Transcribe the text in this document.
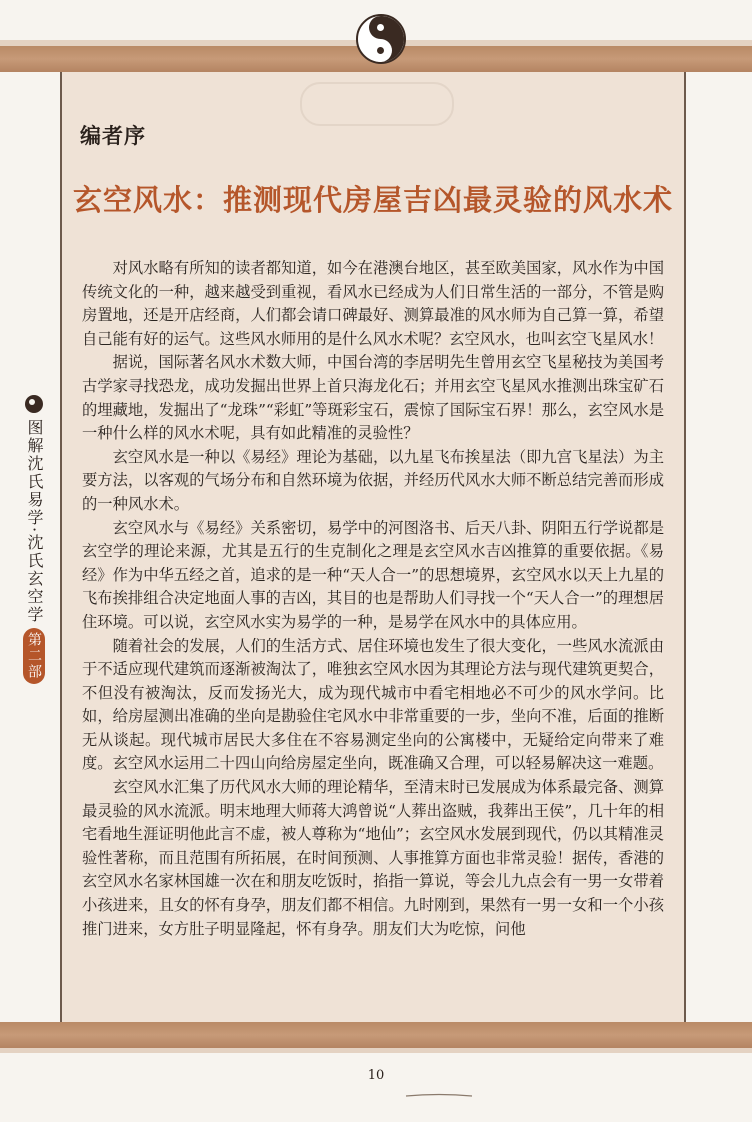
编者序
玄空风水：推测现代房屋吉凶最灵验的风水术

对风水略有所知的读者都知道，如今在港澳台地区，甚至欧美国家，风水作为中国传统文化的一种，越来越受到重视，看风水已经成为人们日常生活的一部分，不管是购房置地，还是开店经商，人们都会请口碑最好、测算最准的风水师为自己算一算，希望自己能有好的运气。这些风水师用的是什么风水术呢？玄空风水，也叫玄空飞星风水！

据说，国际著名风水术数大师，中国台湾的李居明先生曾用玄空飞星秘技为美国考古学家寻找恐龙，成功发掘出世界上首只海龙化石；并用玄空飞星风水推测出珠宝矿石的埋藏地，发掘出了“龙珠”“彩虹”等斑彩宝石，震惊了国际宝石界！那么，玄空风水是一种什么样的风水术呢，具有如此精准的灵验性？

玄空风水是一种以《易经》理论为基础，以九星飞布挨星法（即九宫飞星法）为主要方法，以客观的气场分布和自然环境为依据，并经历代风水大师不断总结完善而形成的一种风水术。

玄空风水与《易经》关系密切，易学中的河图洛书、后天八卦、阴阳五行学说都是玄空学的理论来源，尤其是五行的生克制化之理是玄空风水吉凶推算的重要依据。《易经》作为中华五经之首，追求的是一种“天人合一”的思想境界，玄空风水以天上九星的飞布挨排组合决定地面人事的吉凶，其目的也是帮助人们寻找一个“天人合一”的理想居住环境。可以说，玄空风水实为易学的一种，是易学在风水中的具体应用。

随着社会的发展，人们的生活方式、居住环境也发生了很大变化，一些风水流派由于不适应现代建筑而逐渐被淘汰了，唯独玄空风水因为其理论方法与现代建筑更契合，不但没有被淘汰，反而发扬光大，成为现代城市中看宅相地必不可少的风水学问。比如，给房屋测出准确的坐向是勘验住宅风水中非常重要的一步，坐向不准，后面的推断无从谈起。现代城市居民大多住在不容易测定坐向的公寓楼中，无疑给定向带来了难度。玄空风水运用二十四山向给房屋定坐向，既准确又合理，可以轻易解决这一难题。

玄空风水汇集了历代风水大师的理论精华，至清末时已发展成为体系最完备、测算最灵验的风水流派。明末地理大师蒋大鸿曾说“人葬出盗贼，我葬出王侯”，几十年的相宅看地生涯证明他此言不虚，被人尊称为“地仙”；玄空风水发展到现代，仍以其精准灵验性著称，而且范围有所拓展，在时间预测、人事推算方面也非常灵验！据传，香港的玄空风水名家林国雄一次在和朋友吃饭时，掐指一算说，等会儿九点会有一男一女带着小孩进来，且女的怀有身孕，朋友们都不相信。九时刚到，果然有一男一女和一个小孩推门进来，女方肚子明显隆起，怀有身孕。朋友们大为吃惊，问他

图解沈氏易学·沈氏玄空学
第二部
10
